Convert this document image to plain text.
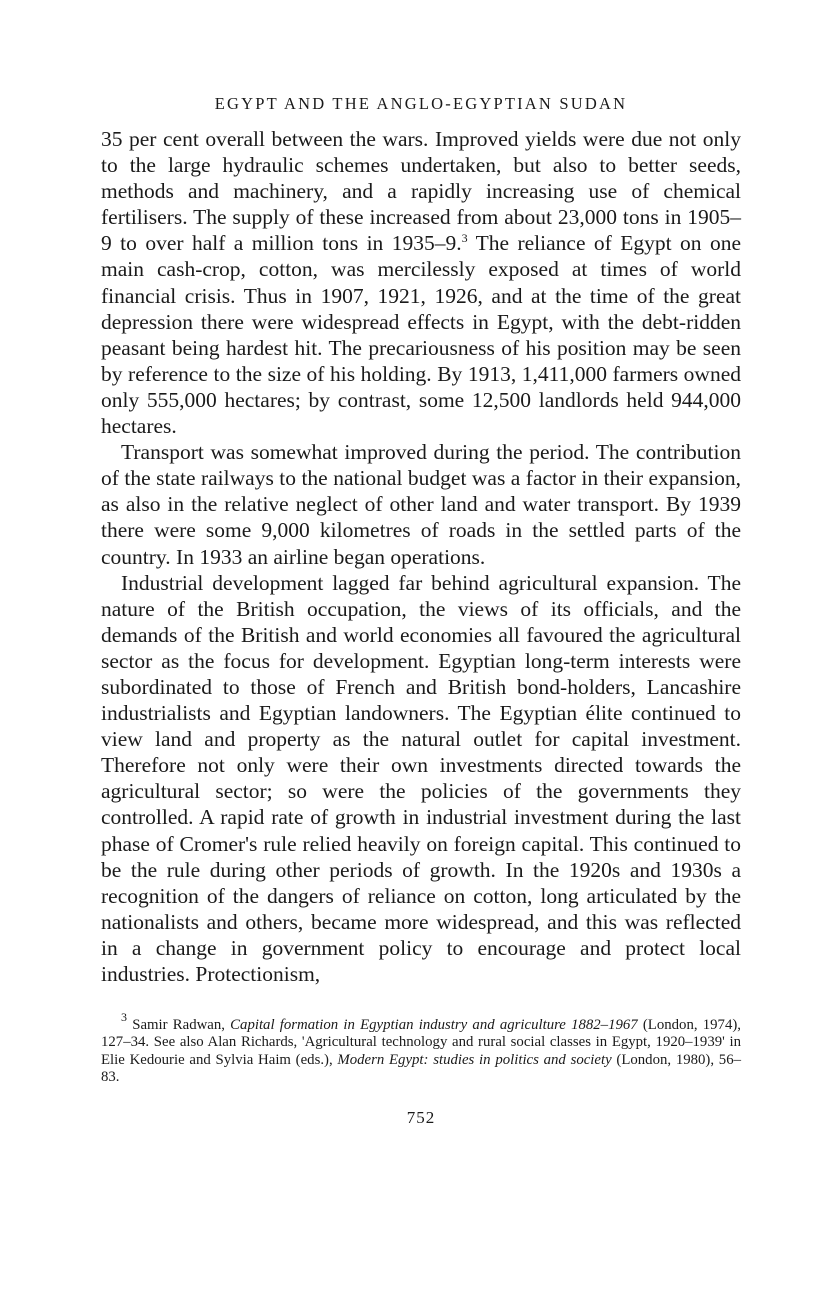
EGYPT AND THE ANGLO-EGYPTIAN SUDAN

35 per cent overall between the wars. Improved yields were due not only to the large hydraulic schemes undertaken, but also to better seeds, methods and machinery, and a rapidly increasing use of chemical fertilisers. The supply of these increased from about 23,000 tons in 1905–9 to over half a million tons in 1935–9.$^3$ The reliance of Egypt on one main cash-crop, cotton, was mercilessly exposed at times of world financial crisis. Thus in 1907, 1921, 1926, and at the time of the great depression there were widespread effects in Egypt, with the debt-ridden peasant being hardest hit. The precariousness of his position may be seen by reference to the size of his holding. By 1913, 1,411,000 farmers owned only 555,000 hectares; by contrast, some 12,500 landlords held 944,000 hectares.

Transport was somewhat improved during the period. The contribution of the state railways to the national budget was a factor in their expansion, as also in the relative neglect of other land and water transport. By 1939 there were some 9,000 kilometres of roads in the settled parts of the country. In 1933 an airline began operations.

Industrial development lagged far behind agricultural expansion. The nature of the British occupation, the views of its officials, and the demands of the British and world economies all favoured the agricultural sector as the focus for development. Egyptian long-term interests were subordinated to those of French and British bond-holders, Lancashire industrialists and Egyptian landowners. The Egyptian élite continued to view land and property as the natural outlet for capital investment. Therefore not only were their own investments directed towards the agricultural sector; so were the policies of the governments they controlled. A rapid rate of growth in industrial investment during the last phase of Cromer's rule relied heavily on foreign capital. This continued to be the rule during other periods of growth. In the 1920s and 1930s a recognition of the dangers of reliance on cotton, long articulated by the nationalists and others, became more widespread, and this was reflected in a change in government policy to encourage and protect local industries. Protectionism,

$^3$ Samir Radwan, Capital formation in Egyptian industry and agriculture 1882–1967 (London, 1974), 127–34. See also Alan Richards, 'Agricultural technology and rural social classes in Egypt, 1920–1939' in Elie Kedourie and Sylvia Haim (eds.), Modern Egypt: studies in politics and society (London, 1980), 56–83.

752
